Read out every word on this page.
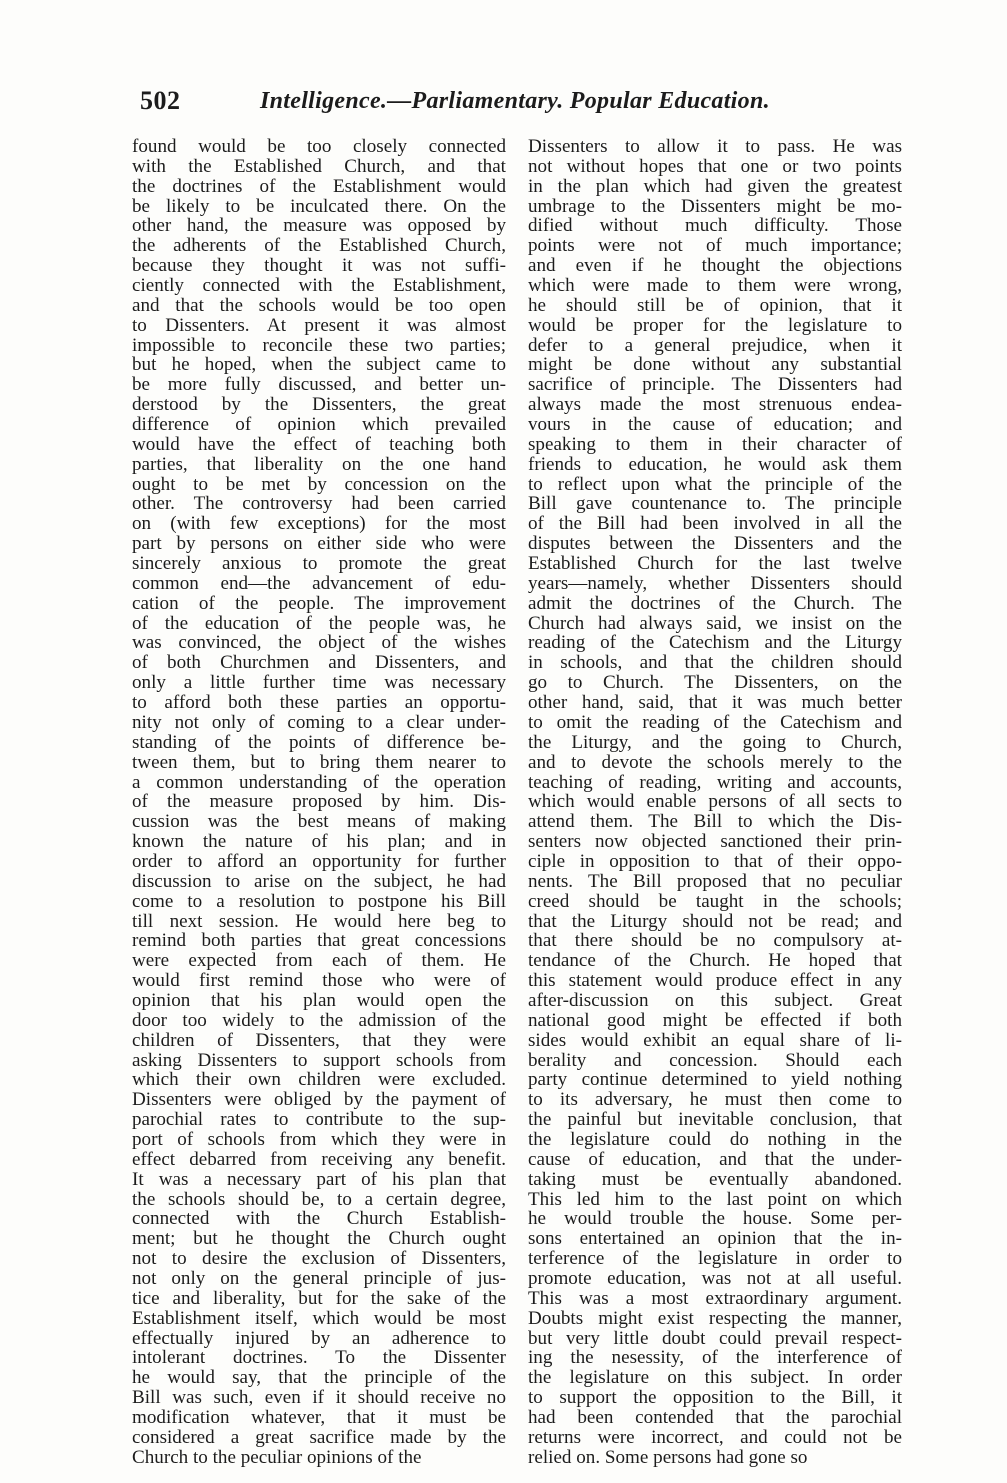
502	Intelligence.—Parliamentary. Popular Education.
found would be too closely connected
with the Established Church, and that
the doctrines of the Establishment would
be likely to be inculcated there. On the
other hand, the measure was opposed by
the adherents of the Established Church,
because they thought it was not suffi-
ciently connected with the Establishment,
and that the schools would be too open
to Dissenters. At present it was almost
impossible to reconcile these two parties;
but he hoped, when the subject came to
be more fully discussed, and better un-
derstood by the Dissenters, the great
difference of opinion which prevailed
would have the effect of teaching both
parties, that liberality on the one hand
ought to be met by concession on the
other. The controversy had been carried
on (with few exceptions) for the most
part by persons on either side who were
sincerely anxious to promote the great
common end—the advancement of edu-
cation of the people. The improvement
of the education of the people was, he
was convinced, the object of the wishes
of both Churchmen and Dissenters, and
only a little further time was necessary
to afford both these parties an opportu-
nity not only of coming to a clear under-
standing of the points of difference be-
tween them, but to bring them nearer to
a common understanding of the operation
of the measure proposed by him. Dis-
cussion was the best means of making
known the nature of his plan; and in
order to afford an opportunity for further
discussion to arise on the subject, he had
come to a resolution to postpone his Bill
till next session. He would here beg to
remind both parties that great concessions
were expected from each of them. He
would first remind those who were of
opinion that his plan would open the
door too widely to the admission of the
children of Dissenters, that they were
asking Dissenters to support schools from
which their own children were excluded.
Dissenters were obliged by the payment of
parochial rates to contribute to the sup-
port of schools from which they were in
effect debarred from receiving any benefit.
It was a necessary part of his plan that
the schools should be, to a certain degree,
connected with the Church Establish-
ment; but he thought the Church ought
not to desire the exclusion of Dissenters,
not only on the general principle of jus-
tice and liberality, but for the sake of the
Establishment itself, which would be most
effectually injured by an adherence to
intolerant doctrines. To the Dissenter
he would say, that the principle of the
Bill was such, even if it should receive no
modification whatever, that it must be
considered a great sacrifice made by the
Church to the peculiar opinions of the
Dissenters to allow it to pass. He was
not without hopes that one or two points
in the plan which had given the greatest
umbrage to the Dissenters might be mo-
dified without much difficulty. Those
points were not of much importance;
and even if he thought the objections
which were made to them were wrong,
he should still be of opinion, that it
would be proper for the legislature to
defer to a general prejudice, when it
might be done without any substantial
sacrifice of principle. The Dissenters had
always made the most strenuous endea-
vours in the cause of education; and
speaking to them in their character of
friends to education, he would ask them
to reflect upon what the principle of the
Bill gave countenance to. The principle
of the Bill had been involved in all the
disputes between the Dissenters and the
Established Church for the last twelve
years—namely, whether Dissenters should
admit the doctrines of the Church. The
Church had always said, we insist on the
reading of the Catechism and the Liturgy
in schools, and that the children should
go to Church. The Dissenters, on the
other hand, said, that it was much better
to omit the reading of the Catechism and
the Liturgy, and the going to Church,
and to devote the schools merely to the
teaching of reading, writing and accounts,
which would enable persons of all sects to
attend them. The Bill to which the Dis-
senters now objected sanctioned their prin-
ciple in opposition to that of their oppo-
nents. The Bill proposed that no peculiar
creed should be taught in the schools;
that the Liturgy should not be read; and
that there should be no compulsory at-
tendance of the Church. He hoped that
this statement would produce effect in any
after-discussion on this subject. Great
national good might be effected if both
sides would exhibit an equal share of li-
berality and concession. Should each
party continue determined to yield nothing
to its adversary, he must then come to
the painful but inevitable conclusion, that
the legislature could do nothing in the
cause of education, and that the under-
taking must be eventually abandoned.
This led him to the last point on which
he would trouble the house. Some per-
sons entertained an opinion that the in-
terference of the legislature in order to
promote education, was not at all useful.
This was a most extraordinary argument.
Doubts might exist respecting the manner,
but very little doubt could prevail respect-
ing the nesessity, of the interference of
the legislature on this subject. In order
to support the opposition to the Bill, it
had been contended that the parochial
returns were incorrect, and could not be
relied on. Some persons had gone so
